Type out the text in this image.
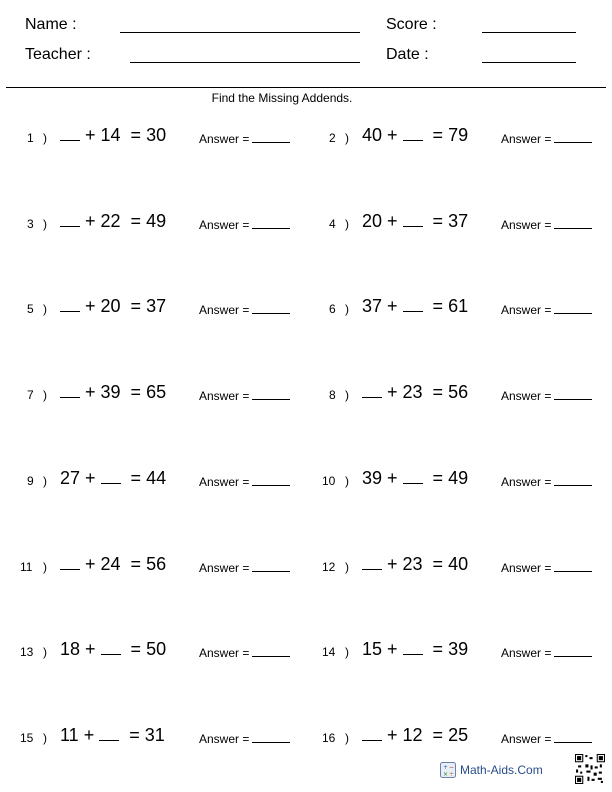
Name :	Score :
Teacher :	Date :
Find the Missing Addends.
1 )	+ 14  = 30	Answer =	2 ) 40 +   = 79	Answer =
3 )	+ 22  = 49	Answer =	4 ) 20 +   = 37	Answer =
5 )	+ 20  = 37	Answer =	6 ) 37 +   = 61	Answer =
7 )	+ 39  = 65	Answer =	8 )	+ 23  = 56	Answer =
9 ) 27 +   = 44	Answer =	10 ) 39 +   = 49	Answer =
11 )	+ 24  = 56	Answer =	12 )	+ 23  = 40	Answer =
13 ) 18 +   = 50	Answer =	14 ) 15 +   = 39	Answer =
15 ) 11 +   = 31	Answer =	16 )	+ 12  = 25	Answer =
+ −
× ÷ Math-Aids.Com
